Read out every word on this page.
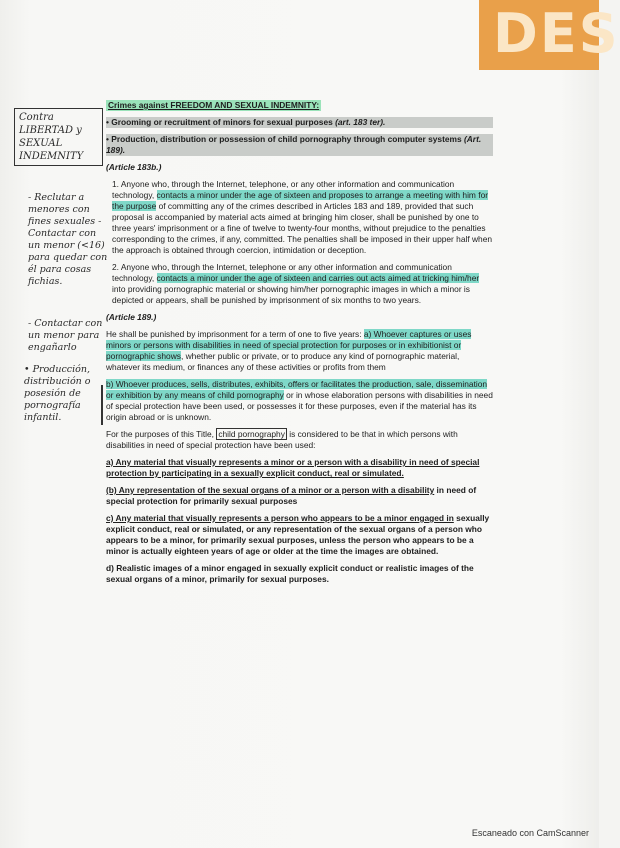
DES
Contra LIBERTAD y SEXUAL INDEMNITY
- Reclutar a menores con fines sexuales - Contactar con un menor (<16) para quedar con él para cosas fichias.
- Contactar con un menor para engañarlo
• Producción, distribución o posesión de pornografía infantil.

Crimes against FREEDOM AND SEXUAL INDEMNITY:

• Grooming or recruitment of minors for sexual purposes (art. 183 ter).

• Production, distribution or possession of child pornography through computer systems (Art. 189).

(Article 183b.)

1. Anyone who, through the Internet, telephone, or any other information and communication technology, contacts a minor under the age of sixteen and proposes to arrange a meeting with him for the purpose of committing any of the crimes described in Articles 183 and 189, provided that such proposal is accompanied by material acts aimed at bringing him closer, shall be punished by one to three years' imprisonment or a fine of twelve to twenty-four months, without prejudice to the penalties corresponding to the crimes, if any, committed. The penalties shall be imposed in their upper half when the approach is obtained through coercion, intimidation or deception.

2. Anyone who, through the Internet, telephone or any other information and communication technology, contacts a minor under the age of sixteen and carries out acts aimed at tricking him/her into providing pornographic material or showing him/her pornographic images in which a minor is depicted or appears, shall be punished by imprisonment of six months to two years.

(Article 189.)

He shall be punished by imprisonment for a term of one to five years: a) Whoever captures or uses minors or persons with disabilities in need of special protection for purposes or in exhibitionist or pornographic shows, whether public or private, or to produce any kind of pornographic material, whatever its medium, or finances any of these activities or profits from them

b) Whoever produces, sells, distributes, exhibits, offers or facilitates the production, sale, dissemination or exhibition by any means of child pornography or in whose elaboration persons with disabilities in need of special protection have been used, or possesses it for these purposes, even if the material has its origin abroad or is unknown.

For the purposes of this Title, child pornography is considered to be that in which persons with disabilities in need of special protection have been used:

a) Any material that visually represents a minor or a person with a disability in need of special protection by participating in a sexually explicit conduct, real or simulated.

(b) Any representation of the sexual organs of a minor or a person with a disability in need of special protection for primarily sexual purposes

c) Any material that visually represents a person who appears to be a minor engaged in sexually explicit conduct, real or simulated, or any representation of the sexual organs of a person who appears to be a minor, for primarily sexual purposes, unless the person who appears to be a minor is actually eighteen years of age or older at the time the images are obtained.

d) Realistic images of a minor engaged in sexually explicit conduct or realistic images of the sexual organs of a minor, primarily for sexual purposes.

Escaneado con CamScanner
